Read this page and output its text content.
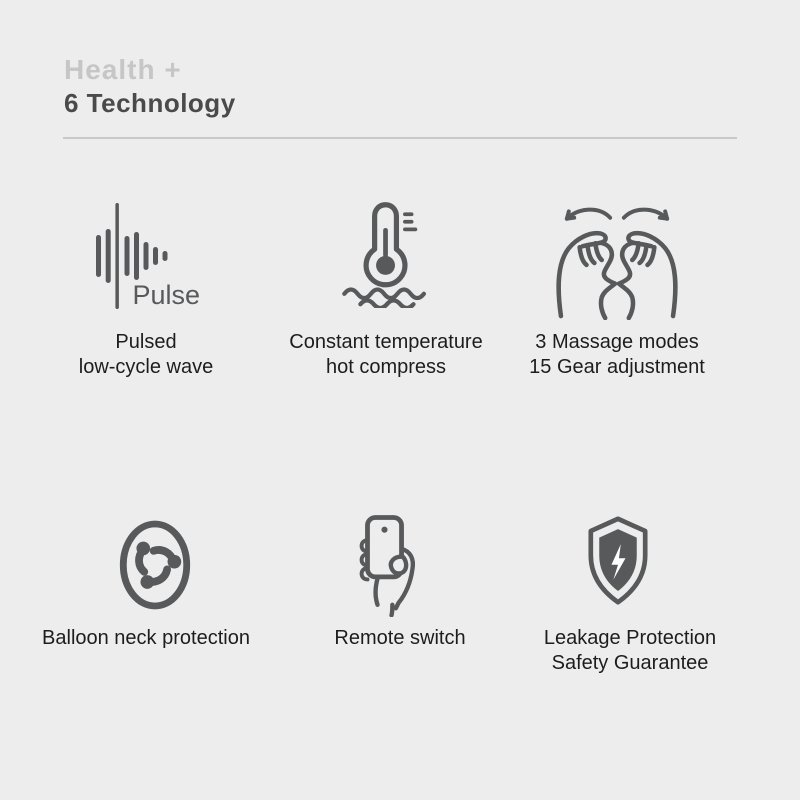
Health +
6 Technology
Pulse
Pulsed
low-cycle wave
Constant temperature
hot compress
3 Massage modes
15 Gear adjustment
Balloon neck protection	Remote switch	Leakage Protection
Safety Guarantee
